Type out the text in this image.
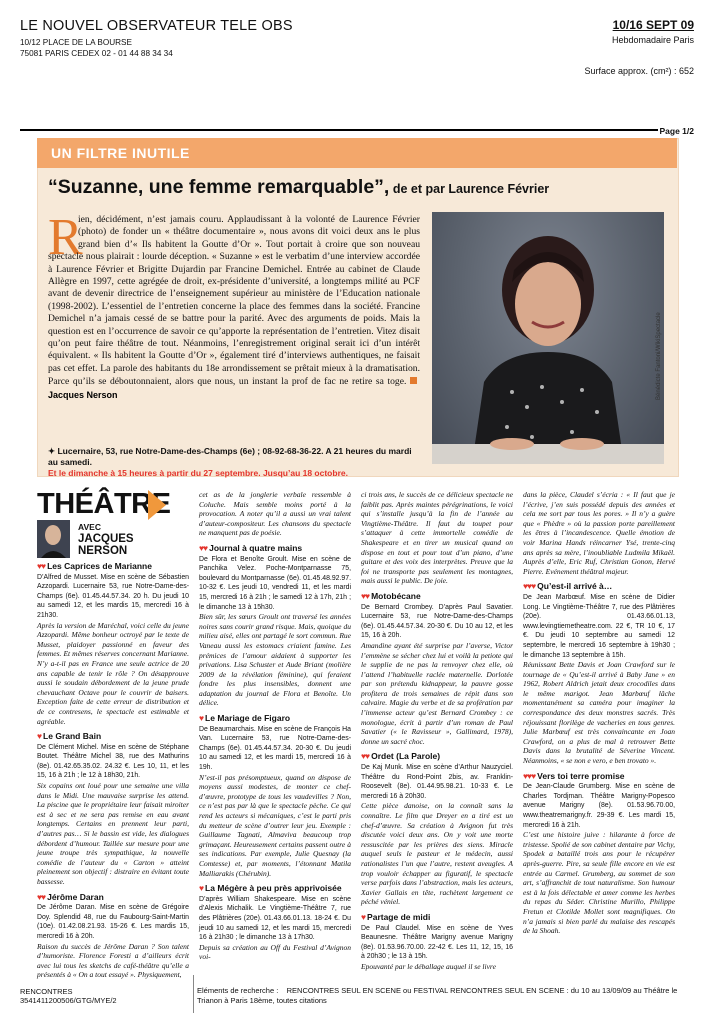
LE NOUVEL OBSERVATEUR TELE OBS
10/12 PLACE DE LA BOURSE
75081 PARIS CEDEX 02 - 01 44 88 34 34
10/16 SEPT 09
Hebdomadaire Paris
Surface approx. (cm²) : 652
Page 1/2
UN FILTRE INUTILE
“Suzanne, une femme remarquable”, de et par Laurence Février
R
ien, décidément, n’est jamais couru. Applaudissant à la volonté de Laurence Février (photo) de fonder un « théâtre documentaire », nous avons dit voici deux ans le plus grand bien d’« Ils habitent la Goutte d’Or ». Tout portait à croire que son nouveau spectacle nous plairait : lourde déception. « Suzanne » est le verbatim d’une interview accordée à Laurence Février et Brigitte Dujardin par Francine Demichel. Entrée au cabinet de Claude Allègre en 1997, cette agrégée de droit, ex-présidente d’université, a longtemps milité au PCF avant de devenir directrice de l’enseignement supérieur au ministère de l’Education nationale (1998-2002). L’essentiel de l’entretien concerne la place des femmes dans la société. Francine Demichel n’a jamais cessé de se battre pour la parité. Avec des arguments de poids. Mais la question est en l’occurrence de savoir ce qu’apporte la représentation de l’entretien. Vitez disait qu’on peut faire théâtre de tout. Néanmoins, l’enregistrement original serait ici d’un intérêt équivalent. « Ils habitent la Goutte d’Or », également tiré d’interviews authentiques, ne faisait pas cet effet. La parole des habitants du 18e arrondissement se prêtait mieux à la dramatisation. Parce qu’ils se déboutonnaient, alors que nous, un instant la prof de fac ne retire sa toge. Jacques Nerson	Bénédicte Fantoni/WikiSpectacle
✦ Lucernaire, 53, rue Notre-Dame-des-Champs (6e) ; 08-92-68-36-22. A 21 heures du mardi au samedi.
Et le dimanche à 15 heures à partir du 27 septembre. Jusqu’au 18 octobre.
THÉÂTRE
AVEC
JACQUES
NERSON
♥♥ Les Caprices de Marianne

D’Alfred de Musset. Mise en scène de Sébastien Azzopardi. Lucernaire 53, rue Notre-Dame-des-Champs (6e). 01.45.44.57.34. 20 h. Du jeudi 10 au samedi 12, et les mardis 15, mercredi 16 à 21h30.

Après la version de Maréchal, voici celle du jeune Azzopardi. Même bonheur octroyé par le texte de Musset, plaidoyer passionné en faveur des femmes. Et mêmes réserves concernant Marianne. N’y a-t-il pas en France une seule actrice de 20 ans capable de tenir le rôle ? On désapprouve aussi le soudain débordement de la jeune prude chevauchant Octave pour le couvrir de baisers. Exception faite de cette erreur de distribution et de ce contresens, le spectacle est estimable et agréable.

♥ Le Grand Bain

De Clément Michel. Mise en scène de Stéphane Boutet. Théâtre Michel 38, rue des Mathurins (8e). 01.42.65.35.02. 24.32 €. Les 10, 11, et les 15, 16 à 21h ; le 12 à 18h30, 21h.

Six copains ont loué pour une semaine une villa dans le Midi. Une mauvaise surprise les attend. La piscine que le propriétaire leur faisait miroiter est à sec et ne sera pas remise en eau avant longtemps. Certains en prennent leur parti, d’autres pas… Si le bassin est vide, les dialogues débordent d’humour. Taillée sur mesure pour une jeune troupe très sympathique, la nouvelle comédie de l’auteur du « Carton » atteint pleinement son objectif : distraire en évitant toute bassesse.

♥♥ Jérôme Daran

De Jérôme Daran. Mise en scène de Grégoire Doy. Splendid 48, rue du Faubourg-Saint-Martin (10e). 01.42.08.21.93. 15-26 €. Les mardis 15, mercredi 16 à 20h.

Raison du succès de Jérôme Daran ? Son talent d’humoriste. Florence Foresti a d’ailleurs écrit avec lui tous les sketchs de café-théâtre qu’elle a présentés à « On a tout essayé ». Physiquement,

cet as de la jonglerie verbale ressemble à Coluche. Mais semble moins porté à la provocation. A noter qu’il a aussi un vrai talent d’auteur-compositeur. Les chansons du spectacle ne manquent pas de poésie.

♥♥ Journal à quatre mains

De Flora et Benoîte Groult. Mise en scène de Panchika Velez. Poche-Montparnasse 75, boulevard du Montparnasse (6e). 01.45.48.92.97. 10-32 €. Les jeudi 10, vendredi 11, et les mardi 15, mercredi 16 à 21h ; le samedi 12 à 17h, 21h ; le dimanche 13 à 15h30.

Bien sûr, les sœurs Groult ont traversé les années noires sans courir grand risque. Mais, quoique du milieu aisé, elles ont partagé le sort commun. Rue Vaneau aussi les estomacs criaient famine. Les prémices de l’amour aidaient à supporter les privations. Lisa Schuster et Aude Briant (molière 2009 de la révélation féminine), qui feraient fondre les plus insensibles, donnent une adaptation du journal de Flora et Benoîte. Un délice.

♥ Le Mariage de Figaro

De Beaumarchais. Mise en scène de François Ha Van. Lucernaire 53, rue Notre-Dame-des-Champs (6e). 01.45.44.57.34. 20-30 €. Du jeudi 10 au samedi 12, et les mardi 15, mercredi 16 à 19h.

N’est-il pas présomptueux, quand on dispose de moyens aussi modestes, de monter ce chef-d’œuvre, prototype de tous les vaudevilles ? Non, ce n’est pas par là que le spectacle pèche. Ce qui rend les acteurs si mécaniques, c’est le parti pris du metteur de scène d’outrer leur jeu. Exemple : Guillaume Tagnati, Almaviva beaucoup trop grimaçant. Heureusement certains passent outre à ses indications. Par exemple, Julie Quesnay (la Comtesse) et, par moments, l’étonnant Matila Malliarakis (Chérubin).

♥ La Mégère à peu près apprivoisée

D’après William Shakespeare. Mise en scène d’Alexis Michalik. Le Vingtième-Théâtre 7, rue des Plâtrières (20e). 01.43.66.01.13. 18-24 €. Du jeudi 10 au samedi 12, et les mardi 15, mercredi 16 à 21h30 ; le dimanche 13 à 17h30.

Depuis sa création au Off du Festival d’Avignon voi-

ci trois ans, le succès de ce délicieux spectacle ne faiblit pas. Après maintes pérégrinations, le voici qui s’installe jusqu’à la fin de l’année au Vingtième-Théâtre. Il faut du toupet pour s’attaquer à cette immortelle comédie de Shakespeare et en tirer un musical quand on dispose en tout et pour tout d’un piano, d’une guitare et des voix des interprètes. Preuve que la foi ne transporte pas seulement les montagnes, mais aussi le public. De joie.

♥♥ Motobécane

De Bernard Crombey. D’après Paul Savatier. Lucernaire 53, rue Notre-Dame-des-Champs (6e). 01.45.44.57.34. 20-30 €. Du 10 au 12, et les 15, 16 à 20h.

Amandine ayant été surprise par l’averse, Victor l’emmène se sécher chez lui et voilà la petiote qui le supplie de ne pas la renvoyer chez elle, où l’attend l’habituelle raclée maternelle. Dorlotée par son prétendu kidnappeur, la pauvre gosse profitera de trois semaines de répit dans son calvaire. Magie du verbe et de sa profération par l’immense acteur qu’est Bernard Crombey : ce monologue, écrit à partir d’un roman de Paul Savatier (« le Ravisseur », Gallimard, 1978), donne un sacré choc.

♥♥ Ordet (La Parole)

De Kaj Munk. Mise en scène d’Arthur Nauzyciel. Théâtre du Rond-Point 2bis, av. Franklin-Roosevelt (8e). 01.44.95.98.21. 10-33 €. Le mercredi 16 à 20h30.

Cette pièce danoise, on la connaît sans la connaître. Le film que Dreyer en a tiré est un chef-d’œuvre. Sa création à Avignon fut très discutée voici deux ans. On y voit une morte ressuscitée par les prières des siens. Miracle auquel seuls le pasteur et le médecin, aussi rationalistes l’un que l’autre, restent aveugles. A trop vouloir échapper au figuratif, le spectacle verse parfois dans l’abstraction, mais les acteurs, Xavier Gallais en tête, rachètent largement ce péché véniel.

♥ Partage de midi

De Paul Claudel. Mise en scène de Yves Beaunesne. Théâtre Marigny avenue Marigny (8e). 01.53.96.70.00. 22-42 €. Les 11, 12, 15, 16 à 20h30 ; le 13 à 15h.

Epouvanté par le déballage auquel il se livre

dans la pièce, Claudel s’écria : « Il faut que je l’écrive, j’en suis possédé depuis des années et cela me sort par tous les pores. » Il n’y a guère que « Phèdre » où la passion porte pareillement les êtres à l’incandescence. Quelle émotion de voir Marina Hands réincarner Ysé, trente-cinq ans après sa mère, l’inoubliable Ludmila Mikaël. Auprès d’elle, Eric Ruf, Christian Gonon, Hervé Pierre. Evénement théâtral majeur.

♥♥♥ Qu’est-il arrivé à…

De Jean Marbœuf. Mise en scène de Didier Long. Le Vingtième-Théâtre 7, rue des Plâtrières (20e). 01.43.66.01.13, www.levingtiemetheatre.com. 22 €, TR 10 €, 17 €. Du jeudi 10 septembre au samedi 12 septembre, le mercredi 16 septembre à 19h30 ; le dimanche 13 septembre à 15h.

Réunissant Bette Davis et Joan Crawford sur le tournage de « Qu’est-il arrivé à Baby Jane » en 1962, Robert Aldrich jetait deux crocodiles dans le même marigot. Jean Marbœuf lâche momentanément sa caméra pour imaginer la correspondance des deux monstres sacrés. Très réjouissant florilège de vacheries en tous genres. Julie Marbœuf est très convaincante en Joan Crawford, on a plus de mal à retrouver Bette Davis dans la brutalité de Séverine Vincent. Néanmoins, « se non e vero, e ben trovato ».

♥♥♥ Vers toi terre promise

De Jean-Claude Grumberg. Mise en scène de Charles Tordjman. Théâtre Marigny-Popesco avenue Marigny (8e). 01.53.96.70.00, www.theatremarigny.fr. 29-39 €. Les mardi 15, mercredi 16 à 21h.

C’est une histoire juive : hilarante à force de tristesse. Spolié de son cabinet dentaire par Vichy, Spodek a bataillé trois ans pour le récupérer après-guerre. Pire, sa seule fille encore en vie est entrée au Carmel. Grumberg, au sommet de son art, s’affranchit de tout naturalisme. Son humour est à la fois délectable et amer comme les herbes du repas du Séder. Christine Murillo, Philippe Fretun et Clotilde Mollet sont magnifiques. On n’a jamais si bien parlé du malaise des rescapés de la Shoah.

RENCONTRES
3541411200506/GTG/MYE/2
Eléments de recherche : RENCONTRES SEUL EN SCENE ou FESTIVAL RENCONTRES SEUL EN SCENE : du 10 au 13/09/09 au Théâtre le Trianon à Paris 18ème, toutes citations
